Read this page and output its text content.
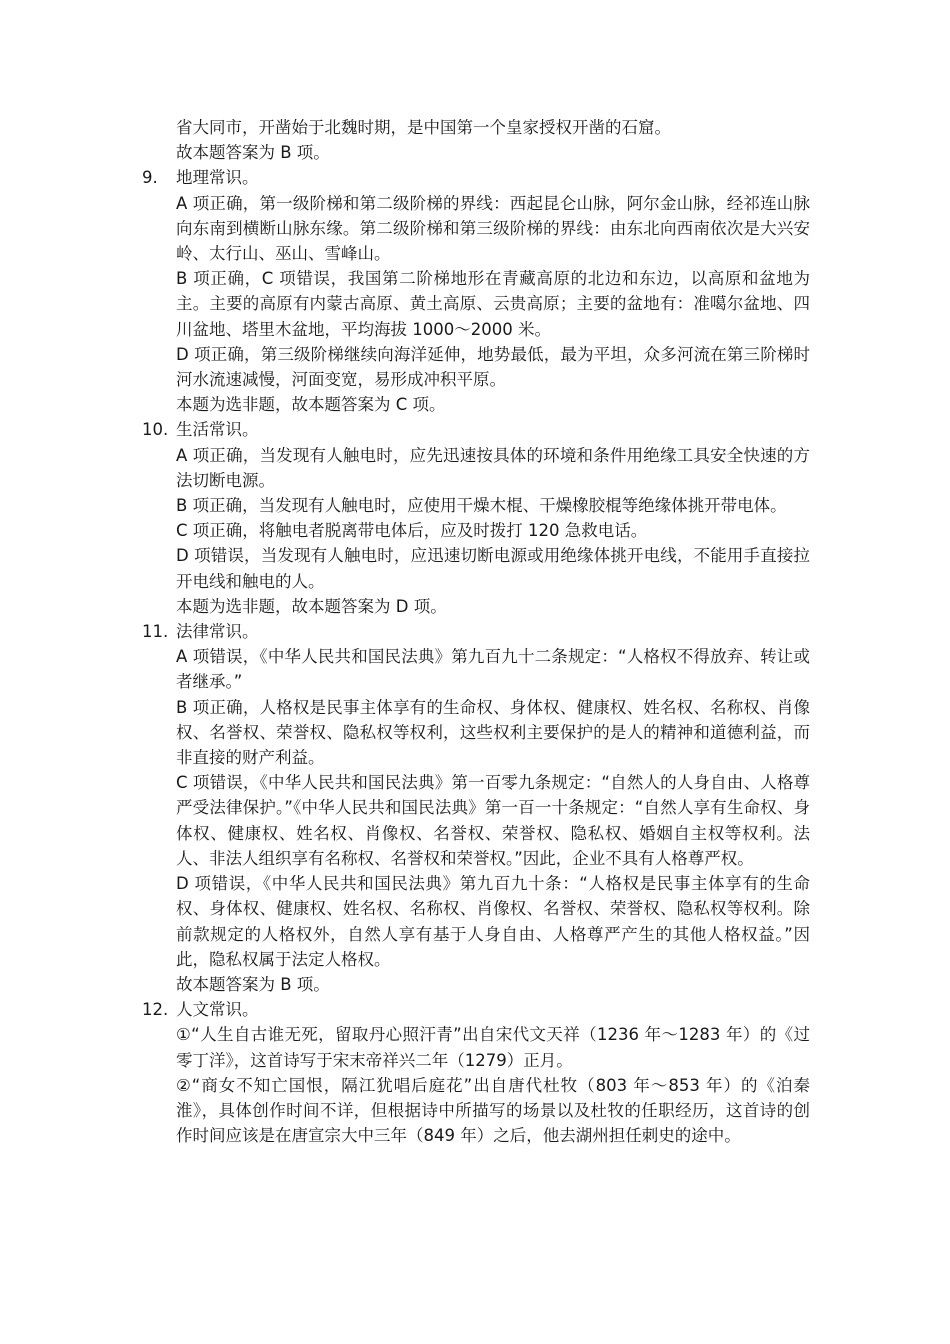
省大同市，开凿始于北魏时期，是中国第一个皇家授权开凿的石窟。

故本题答案为 B 项。

9.	地理常识。

A 项正确，第一级阶梯和第二级阶梯的界线：西起昆仑山脉，阿尔金山脉，经祁连山脉向东南到横断山脉东缘。第二级阶梯和第三级阶梯的界线：由东北向西南依次是大兴安岭、太行山、巫山、雪峰山。

B 项正确，C 项错误，我国第二阶梯地形在青藏高原的北边和东边，以高原和盆地为主。主要的高原有内蒙古高原、黄土高原、云贵高原；主要的盆地有：准噶尔盆地、四川盆地、塔里木盆地，平均海拔 1000～2000 米。

D 项正确，第三级阶梯继续向海洋延伸，地势最低，最为平坦，众多河流在第三阶梯时河水流速减慢，河面变宽，易形成冲积平原。

本题为选非题，故本题答案为 C 项。

10. 生活常识。

A 项正确，当发现有人触电时，应先迅速按具体的环境和条件用绝缘工具安全快速的方法切断电源。

B 项正确，当发现有人触电时，应使用干燥木棍、干燥橡胶棍等绝缘体挑开带电体。

C 项正确，将触电者脱离带电体后，应及时拨打 120 急救电话。

D 项错误，当发现有人触电时，应迅速切断电源或用绝缘体挑开电线，不能用手直接拉开电线和触电的人。

本题为选非题，故本题答案为 D 项。

11. 法律常识。

A 项错误，《中华人民共和国民法典》第九百九十二条规定：“人格权不得放弃、转让或者继承。”

B 项正确，人格权是民事主体享有的生命权、身体权、健康权、姓名权、名称权、肖像权、名誉权、荣誉权、隐私权等权利，这些权利主要保护的是人的精神和道德利益，而非直接的财产利益。

C 项错误，《中华人民共和国民法典》第一百零九条规定：“自然人的人身自由、人格尊严受法律保护。”《中华人民共和国民法典》第一百一十条规定：“自然人享有生命权、身体权、健康权、姓名权、肖像权、名誉权、荣誉权、隐私权、婚姻自主权等权利。法人、非法人组织享有名称权、名誉权和荣誉权。”因此，企业不具有人格尊严权。

D 项错误，《中华人民共和国民法典》第九百九十条：“人格权是民事主体享有的生命权、身体权、健康权、姓名权、名称权、肖像权、名誉权、荣誉权、隐私权等权利。除前款规定的人格权外，自然人享有基于人身自由、人格尊严产生的其他人格权益。”因此，隐私权属于法定人格权。

故本题答案为 B 项。

12. 人文常识。

①“人生自古谁无死，留取丹心照汗青”出自宋代文天祥（1236 年～1283 年）的《过零丁洋》，这首诗写于宋末帝祥兴二年（1279）正月。

②“商女不知亡国恨，隔江犹唱后庭花”出自唐代杜牧（803 年～853 年）的《泊秦淮》，具体创作时间不详，但根据诗中所描写的场景以及杜牧的任职经历，这首诗的创作时间应该是在唐宣宗大中三年（849 年）之后，他去湖州担任刺史的途中。
